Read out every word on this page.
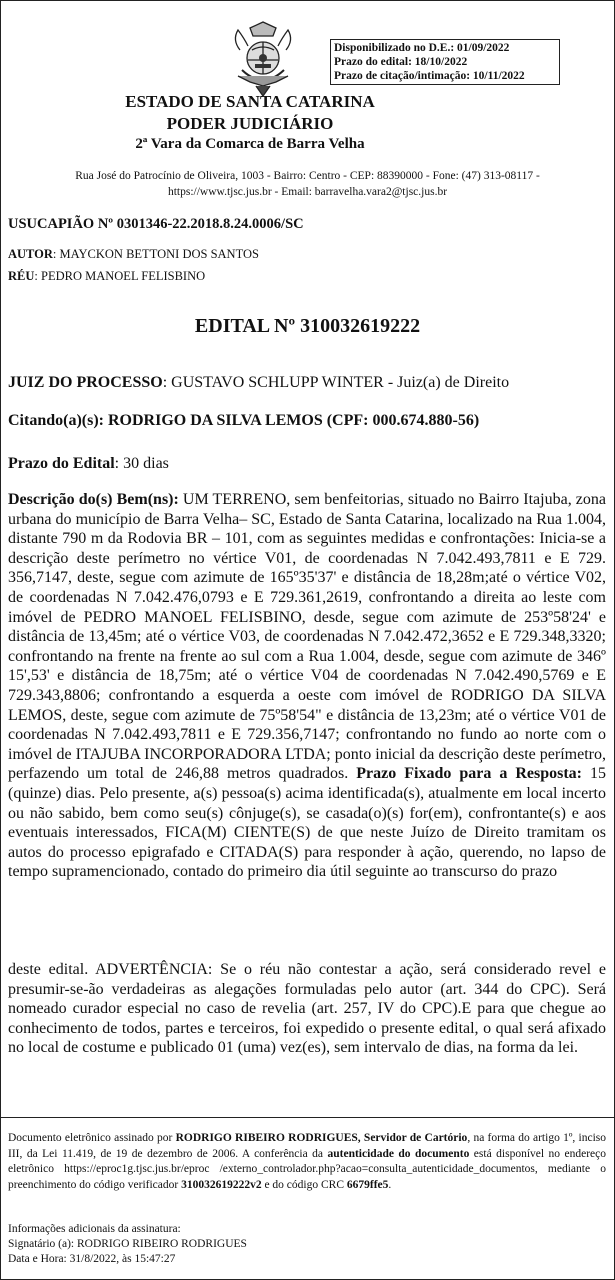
Disponibilizado no D.E.: 01/09/2022
Prazo do edital: 18/10/2022
Prazo de citação/intimação: 10/11/2022
ESTADO DE SANTA CATARINA
PODER JUDICIÁRIO
2ª Vara da Comarca de Barra Velha
Rua José do Patrocínio de Oliveira, 1003 - Bairro: Centro - CEP: 88390000 - Fone: (47) 313-08117 -
https://www.tjsc.jus.br - Email: barravelha.vara2@tjsc.jus.br
USUCAPIÃO Nº 0301346-22.2018.8.24.0006/SC
AUTOR: MAYCKON BETTONI DOS SANTOS
RÉU: PEDRO MANOEL FELISBINO
EDITAL Nº 310032619222
JUIZ DO PROCESSO: GUSTAVO SCHLUPP WINTER - Juiz(a) de Direito
Citando(a)(s): RODRIGO DA SILVA LEMOS (CPF: 000.674.880-56)
Prazo do Edital: 30 dias
Descrição do(s) Bem(ns): UM TERRENO, sem benfeitorias, situado no Bairro Itajuba, zona urbana do município de Barra Velha– SC, Estado de Santa Catarina, localizado na Rua 1.004, distante 790 m da Rodovia BR – 101, com as seguintes medidas e confrontações: Inicia-se a descrição deste perímetro no vértice V01, de coordenadas N 7.042.493,7811 e E 729. 356,7147, deste, segue com azimute de 165º35'37' e distância de 18,28m;até o vértice V02, de coordenadas N 7.042.476,0793 e E 729.361,2619, confrontando a direita ao leste com imóvel de PEDRO MANOEL FELISBINO, desde, segue com azimute de 253º58'24' e distância de 13,45m; até o vértice V03, de coordenadas N 7.042.472,3652 e E 729.348,3320; confrontando na frente na frente ao sul com a Rua 1.004, desde, segue com azimute de 346º 15',53' e distância de 18,75m; até o vértice V04 de coordenadas N 7.042.490,5769 e E 729.343,8806; confrontando a esquerda a oeste com imóvel de RODRIGO DA SILVA LEMOS, deste, segue com azimute de 75º58'54" e distância de 13,23m; até o vértice V01 de coordenadas N 7.042.493,7811 e E 729.356,7147; confrontando no fundo ao norte com o imóvel de ITAJUBA INCORPORADORA LTDA; ponto inicial da descrição deste perímetro, perfazendo um total de 246,88 metros quadrados. Prazo Fixado para a Resposta: 15 (quinze) dias. Pelo presente, a(s) pessoa(s) acima identificada(s), atualmente em local incerto ou não sabido, bem como seu(s) cônjuge(s), se casada(o)(s) for(em), confrontante(s) e aos eventuais interessados, FICA(M) CIENTE(S) de que neste Juízo de Direito tramitam os autos do processo epigrafado e CITADA(S) para responder à ação, querendo, no lapso de tempo supramencionado, contado do primeiro dia útil seguinte ao transcurso do prazo
deste edital. ADVERTÊNCIA: Se o réu não contestar a ação, será considerado revel e presumir-se-ão verdadeiras as alegações formuladas pelo autor (art. 344 do CPC). Será nomeado curador especial no caso de revelia (art. 257, IV do CPC).E para que chegue ao conhecimento de todos, partes e terceiros, foi expedido o presente edital, o qual será afixado no local de costume e publicado 01 (uma) vez(es), sem intervalo de dias, na forma da lei.
Documento eletrônico assinado por RODRIGO RIBEIRO RODRIGUES, Servidor de Cartório, na forma do artigo 1º, inciso III, da Lei 11.419, de 19 de dezembro de 2006. A conferência da autenticidade do documento está disponível no endereço eletrônico https://eproc1g.tjsc.jus.br/eproc /externo_controlador.php?acao=consulta_autenticidade_documentos, mediante o preenchimento do código verificador 310032619222v2 e do código CRC 6679ffe5.
Informações adicionais da assinatura:
Signatário (a): RODRIGO RIBEIRO RODRIGUES
Data e Hora: 31/8/2022, às 15:47:27
